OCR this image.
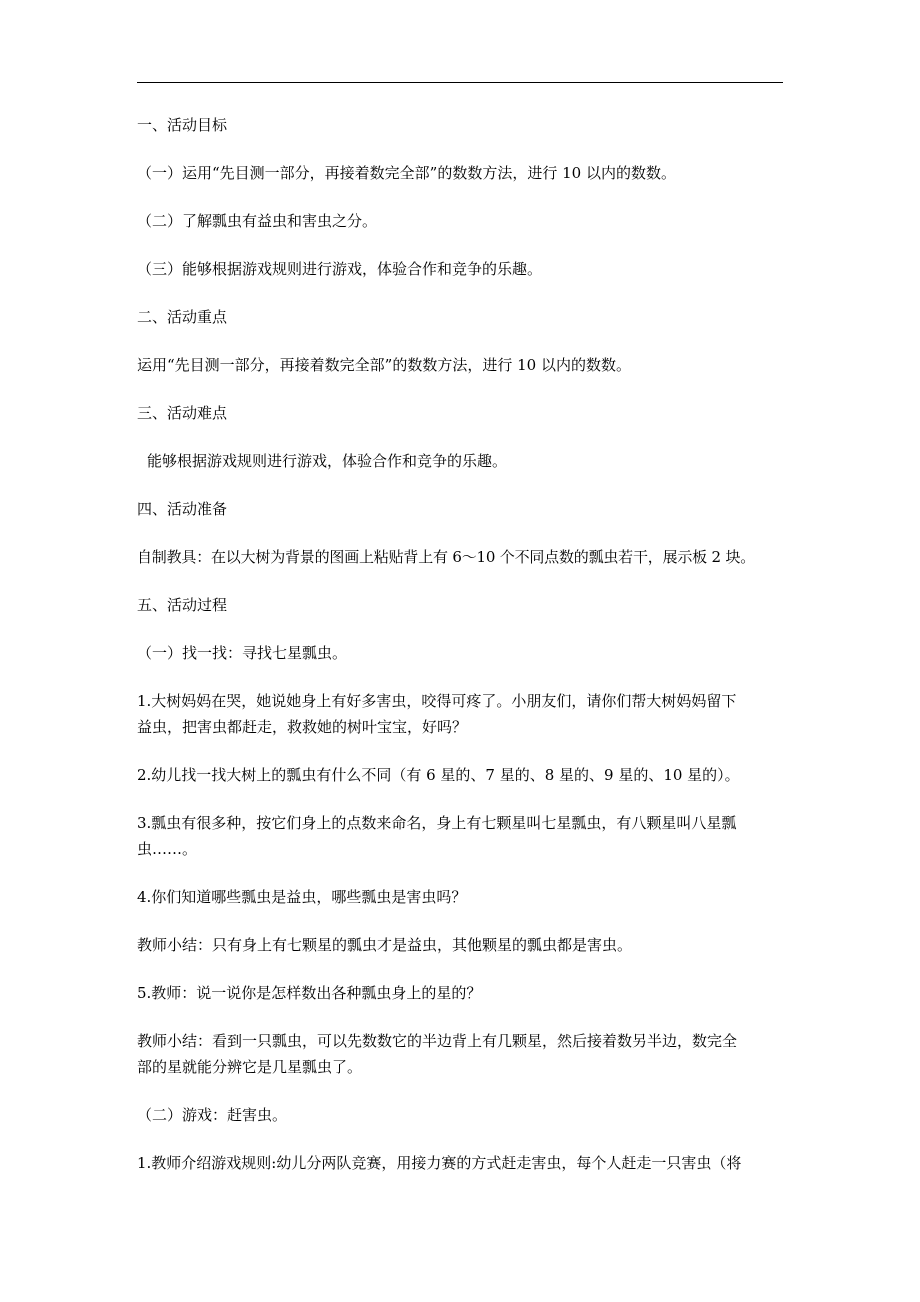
一、活动目标
（一）运用“先目测一部分，再接着数完全部”的数数方法，进行 10 以内的数数。
（二）了解瓢虫有益虫和害虫之分。
（三）能够根据游戏规则进行游戏，体验合作和竞争的乐趣。
二、活动重点
运用“先目测一部分，再接着数完全部”的数数方法，进行 10 以内的数数。
三、活动难点
能够根据游戏规则进行游戏，体验合作和竞争的乐趣。
四、活动准备
自制教具：在以大树为背景的图画上粘贴背上有 6～10 个不同点数的瓢虫若干，展示板 2 块。
五、活动过程
（一）找一找：寻找七星瓢虫。
1.大树妈妈在哭，她说她身上有好多害虫，咬得可疼了。小朋友们，请你们帮大树妈妈留下
益虫，把害虫都赶走，救救她的树叶宝宝，好吗？
2.幼儿找一找大树上的瓢虫有什么不同（有 6 星的、7 星的、8 星的、9 星的、10 星的）。
3.瓢虫有很多种，按它们身上的点数来命名，身上有七颗星叫七星瓢虫，有八颗星叫八星瓢
虫……。
4.你们知道哪些瓢虫是益虫，哪些瓢虫是害虫吗？
教师小结：只有身上有七颗星的瓢虫才是益虫，其他颗星的瓢虫都是害虫。
5.教师：说一说你是怎样数出各种瓢虫身上的星的？
教师小结：看到一只瓢虫，可以先数数它的半边背上有几颗星，然后接着数另半边，数完全
部的星就能分辨它是几星瓢虫了。
（二）游戏：赶害虫。
1.教师介绍游戏规则:幼儿分两队竞赛，用接力赛的方式赶走害虫，每个人赶走一只害虫（将
